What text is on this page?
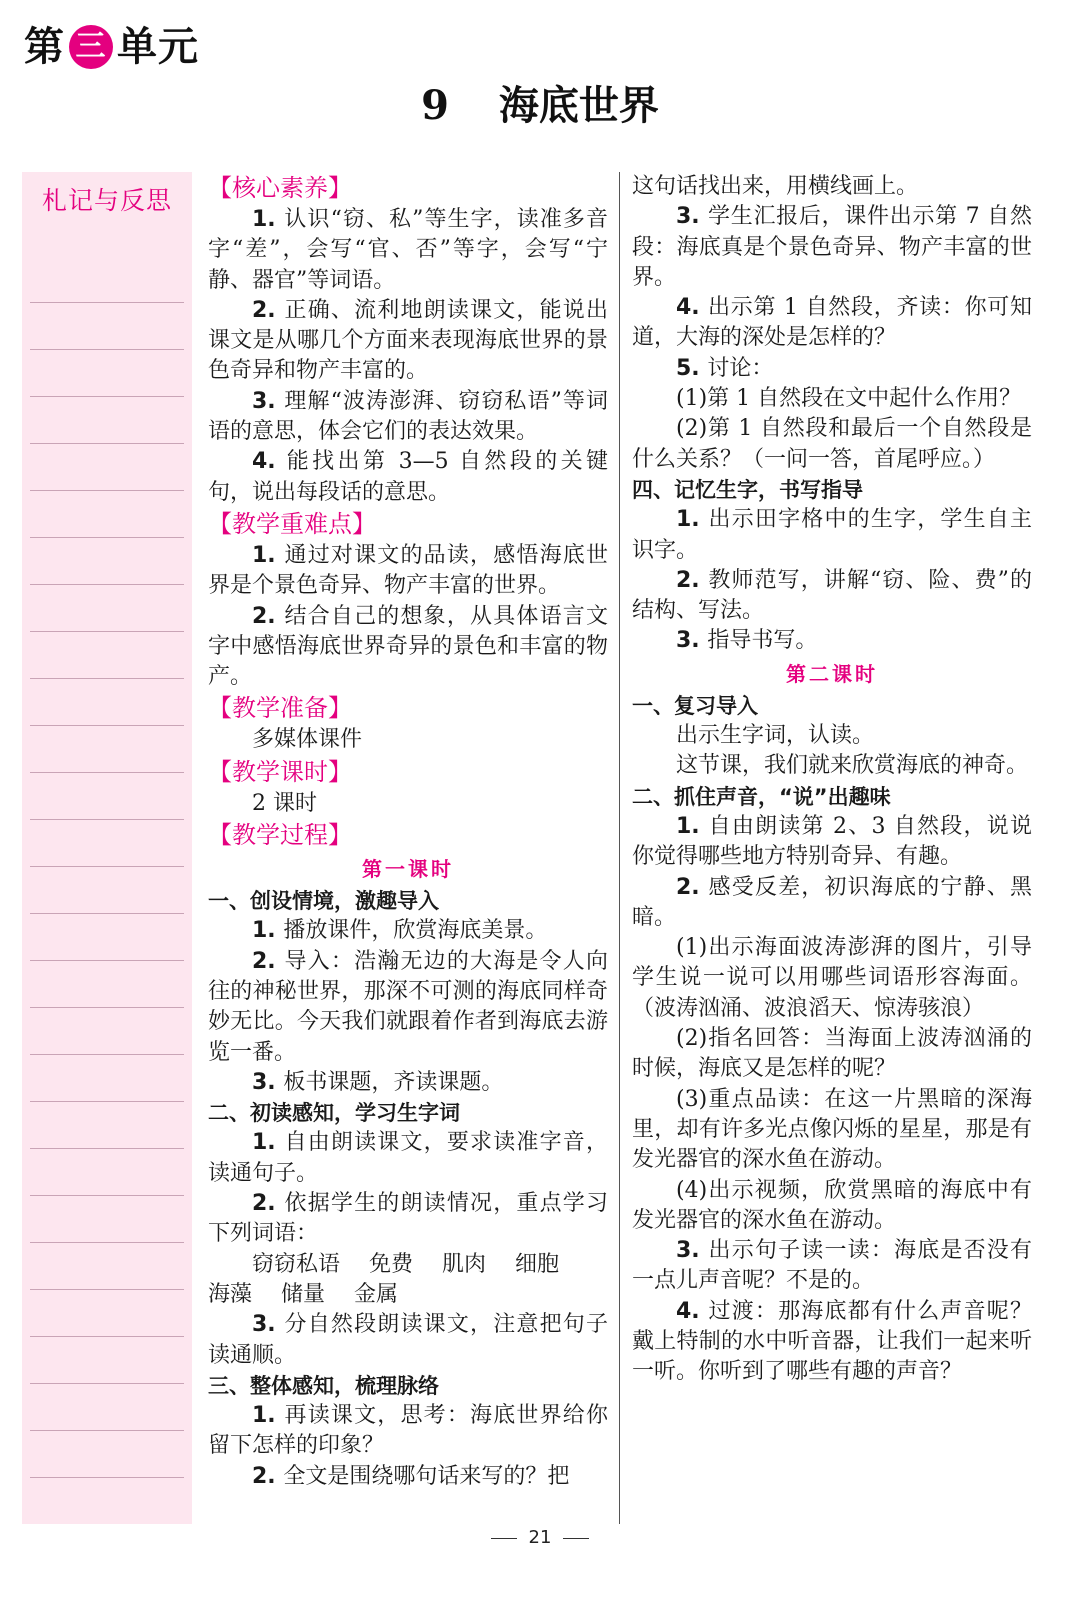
第 三 单元
9 海底世界
札记与反思	【核心素养】

1. 认识“窃、私”等生字，读准多音字“差”，会写“官、否”等字，会写“宁静、器官”等词语。

2. 正确、流利地朗读课文，能说出课文是从哪几个方面来表现海底世界的景色奇异和物产丰富的。

3. 理解“波涛澎湃、窃窃私语”等词语的意思，体会它们的表达效果。

4. 能找出第 3—5 自然段的关键句，说出每段话的意思。

【教学重难点】

1. 通过对课文的品读，感悟海底世界是个景色奇异、物产丰富的世界。

2. 结合自己的想象，从具体语言文字中感悟海底世界奇异的景色和丰富的物产。

【教学准备】

多媒体课件

【教学课时】

2 课时

【教学过程】

第一课时

一、创设情境，激趣导入

1. 播放课件，欣赏海底美景。

2. 导入：浩瀚无边的大海是令人向往的神秘世界，那深不可测的海底同样奇妙无比。今天我们就跟着作者到海底去游览一番。

3. 板书课题，齐读课题。

二、初读感知，学习生字词

1. 自由朗读课文，要求读准字音，读通句子。

2. 依据学生的朗读情况，重点学习下列词语：

窃窃私语　 免费　 肌肉　 细胞

海藻　 储量　 金属

3. 分自然段朗读课文，注意把句子读通顺。

三、整体感知，梳理脉络

1. 再读课文，思考：海底世界给你留下怎样的印象？

2. 全文是围绕哪句话来写的？把

这句话找出来，用横线画上。

3. 学生汇报后，课件出示第 7 自然段：海底真是个景色奇异、物产丰富的世界。

4. 出示第 1 自然段，齐读：你可知道，大海的深处是怎样的？

5. 讨论：

(1)第 1 自然段在文中起什么作用？

(2)第 1 自然段和最后一个自然段是什么关系？（一问一答，首尾呼应。）

四、记忆生字，书写指导

1. 出示田字格中的生字，学生自主识字。

2. 教师范写，讲解“窃、险、费”的结构、写法。

3. 指导书写。

第二课时

一、复习导入

出示生字词，认读。

这节课，我们就来欣赏海底的神奇。

二、抓住声音，“说”出趣味

1. 自由朗读第 2、3 自然段，说说你觉得哪些地方特别奇异、有趣。

2. 感受反差，初识海底的宁静、黑暗。

(1)出示海面波涛澎湃的图片，引导学生说一说可以用哪些词语形容海面。（波涛汹涌、波浪滔天、惊涛骇浪）

(2)指名回答：当海面上波涛汹涌的时候，海底又是怎样的呢？

(3)重点品读：在这一片黑暗的深海里，却有许多光点像闪烁的星星，那是有发光器官的深水鱼在游动。

(4)出示视频，欣赏黑暗的海底中有发光器官的深水鱼在游动。

3. 出示句子读一读：海底是否没有一点儿声音呢？不是的。

4. 过渡：那海底都有什么声音呢？戴上特制的水中听音器，让我们一起来听一听。你听到了哪些有趣的声音？

21
